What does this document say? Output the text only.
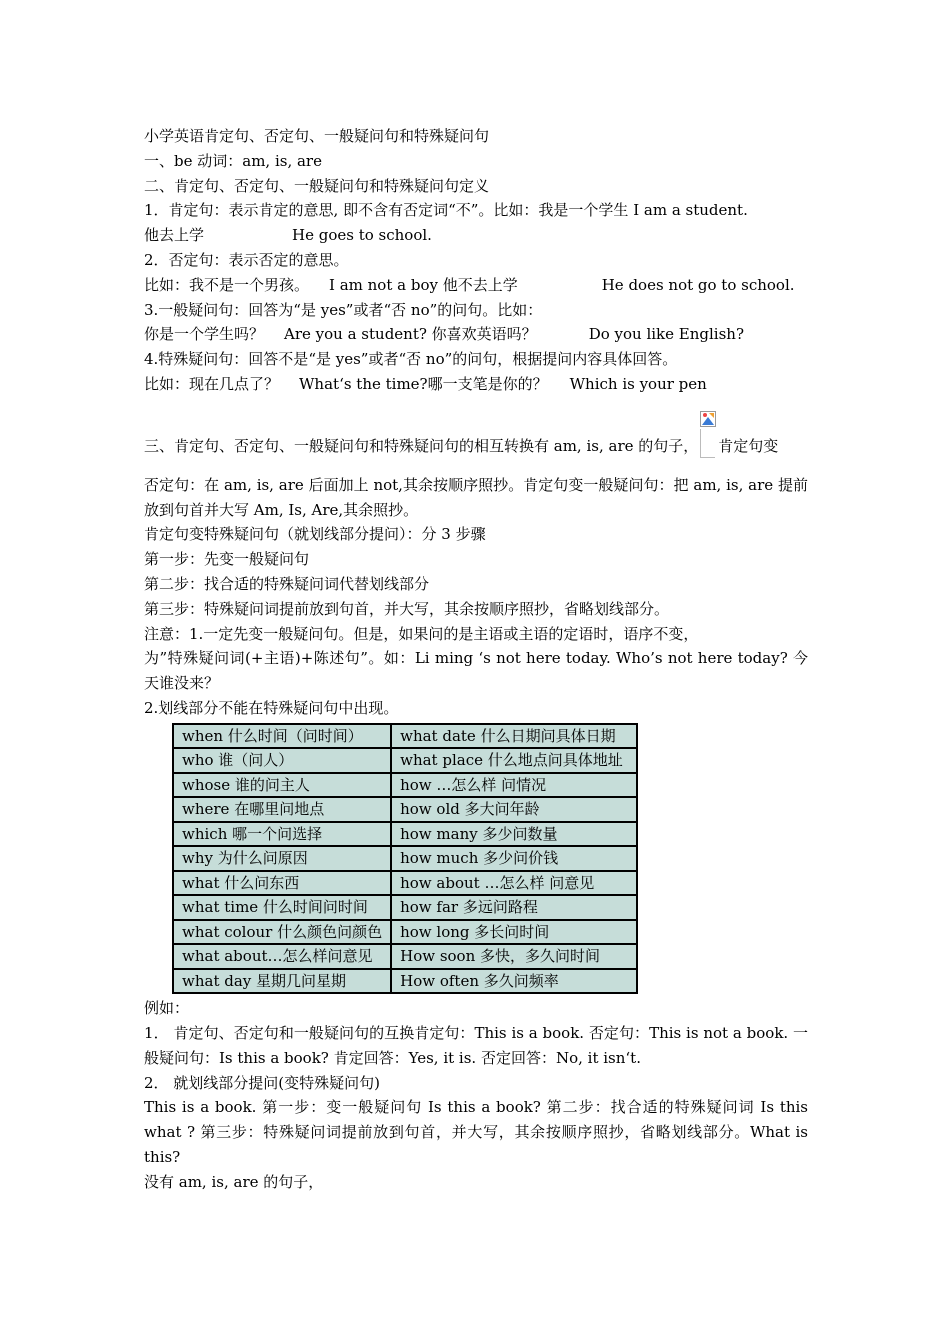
小学英语肯定句、否定句、一般疑问句和特殊疑问句
一、be 动词：am, is, are
二、肯定句、否定句、一般疑问句和特殊疑问句定义
1．肯定句：表示肯定的意思, 即不含有否定词“不”。比如：我是一个学生 I am a student.
他去上学	He goes to school.
2．否定句：表示否定的意思。
比如：我不是一个男孩。 I am not a boy 他不去上学	He does not go to school.
3.一般疑问句：回答为“是 yes”或者“否 no”的问句。比如：
你是一个学生吗？ Are you a student? 你喜欢英语吗？	Do you like English?
4.特殊疑问句：回答不是“是 yes”或者“否 no”的问句，根据提问内容具体回答。
比如：现在几点了？ What‘s the time?哪一支笔是你的？ Which is your pen
三、肯定句、否定句、一般疑问句和特殊疑问句的相互转换有 am, is, are 的句子， 肯定句变
否定句：在 am, is, are 后面加上 not,其余按顺序照抄。肯定句变一般疑问句：把 am, is, are 提前放到句首并大写 Am, Is, Are,其余照抄。
肯定句变特殊疑问句（就划线部分提问）：分 3 步骤
第一步：先变一般疑问句
第二步：找合适的特殊疑问词代替划线部分
第三步：特殊疑问词提前放到句首，并大写，其余按顺序照抄，省略划线部分。
注意：1.一定先变一般疑问句。但是，如果问的是主语或主语的定语时，语序不变，
为”特殊疑问词(+主语)+陈述句”。如：Li ming ‘s not here today. Who’s not here today? 今天谁没来？
2.划线部分不能在特殊疑问句中出现。
when 什么时间（问时间）	what date 什么日期问具体日期
who 谁（问人）	what place 什么地点问具体地址
whose 谁的问主人	how …怎么样 问情况
where 在哪里问地点	how old 多大问年龄
which 哪一个问选择	how many 多少问数量
why 为什么问原因	how much 多少问价钱
what 什么问东西	how about …怎么样 问意见
what time 什么时间问时间	how far 多远问路程
what colour 什么颜色问颜色	how long 多长问时间
what about…怎么样问意见	How soon 多快，多久问时间
what day 星期几问星期	How often 多久问频率
例如：
1． 肯定句、否定句和一般疑问句的互换肯定句：This is a book. 否定句：This is not a book. 一般疑问句：Is this a book? 肯定回答：Yes, it is. 否定回答：No, it isn‘t.
2． 就划线部分提问(变特殊疑问句)
This is a book. 第一步：变一般疑问句 Is this a book? 第二步：找合适的特殊疑问词 Is this what ? 第三步：特殊疑问词提前放到句首，并大写，其余按顺序照抄，省略划线部分。What is this?
没有 am, is, are 的句子，
